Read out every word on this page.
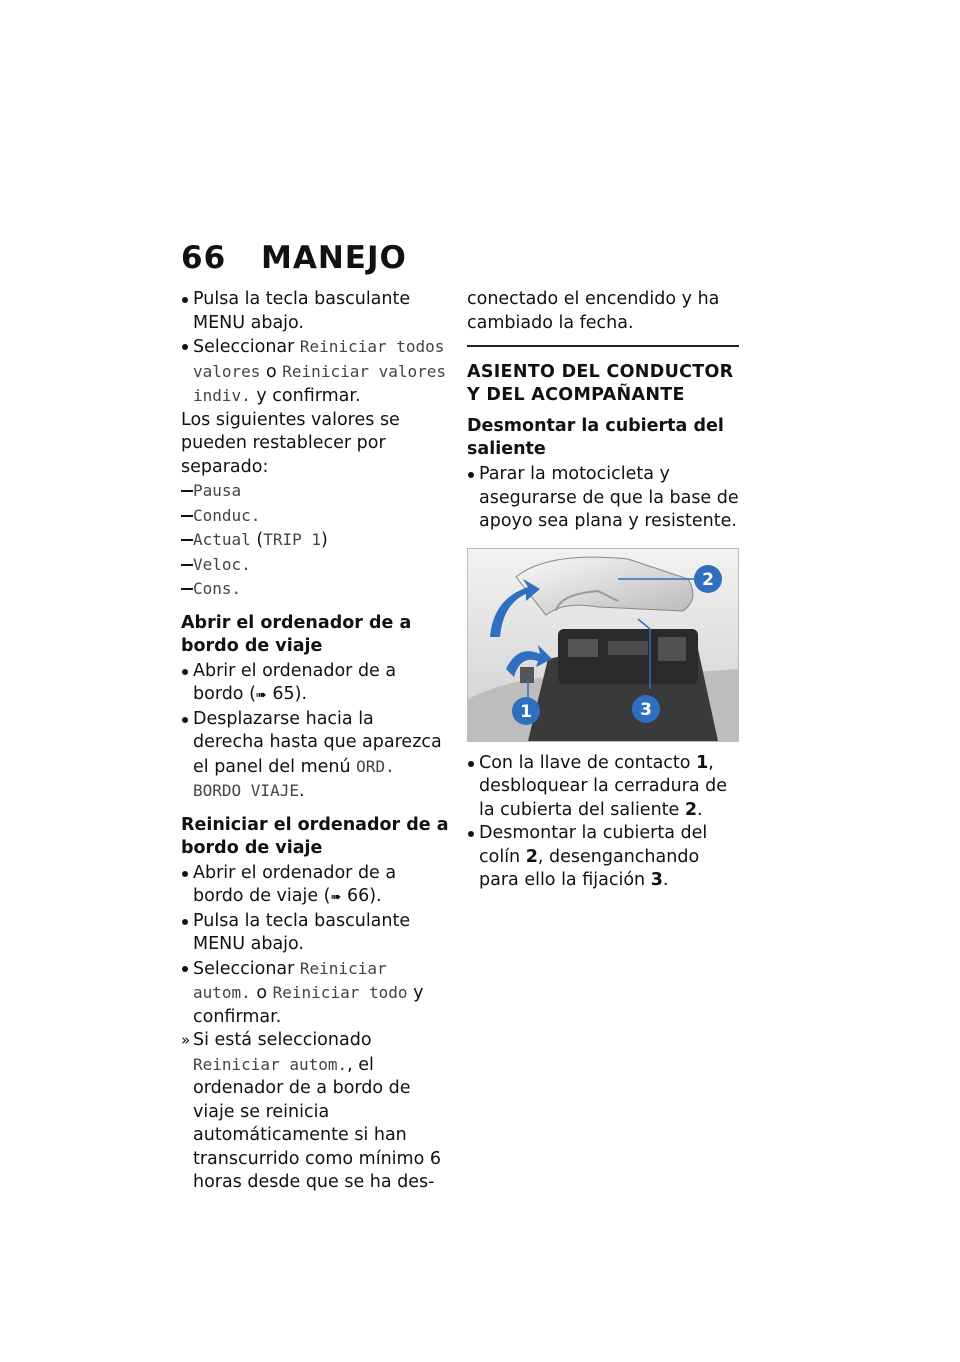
66 MANEJO

Pulsa la tecla basculante MENU abajo.

Seleccionar Reiniciar todos valores o Reiniciar valores indiv. y confirmar.

Los siguientes valores se pueden restablecer por separado:

Pausa

Conduc.

Actual (TRIP 1)

Veloc.

Cons.

Abrir el ordenador de a bordo de viaje

Abrir el ordenador de a bordo (➠ 65).

Desplazarse hacia la derecha hasta que aparezca el panel del menú ORD. BORDO VIAJE.

Reiniciar el ordenador de a bordo de viaje

Abrir el ordenador de a bordo de viaje (➠ 66).

Pulsa la tecla basculante MENU abajo.

Seleccionar Reiniciar autom. o Reiniciar todo y confirmar.

» Si está seleccionado Reiniciar autom., el ordenador de a bordo de viaje se reinicia automáticamente si han transcurrido como mínimo 6 horas desde que se ha des-

conectado el encendido y ha cambiado la fecha.

ASIENTO DEL CONDUCTOR Y DEL ACOMPAÑANTE

Desmontar la cubierta del saliente

Parar la motocicleta y asegurarse de que la base de apoyo sea plana y resistente.

1
2
3

Con la llave de contacto 1, desbloquear la cerradura de la cubierta del saliente 2.

Desmontar la cubierta del colín 2, desenganchando para ello la fijación 3.
